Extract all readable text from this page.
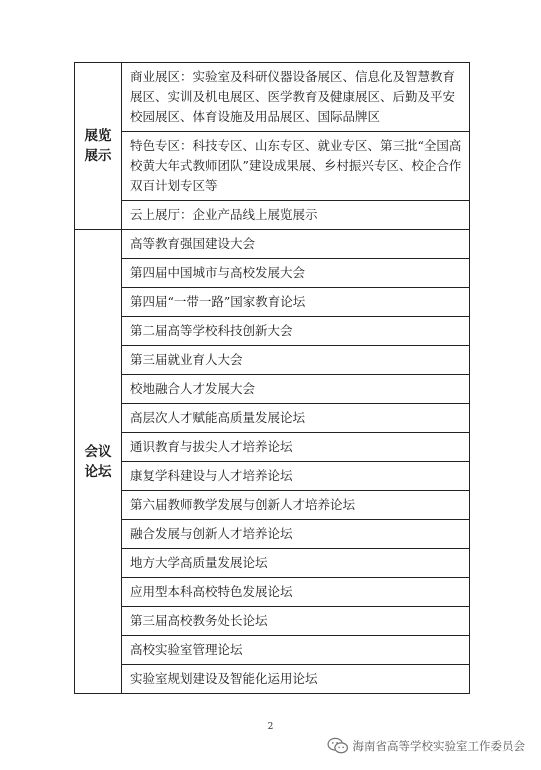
展览
展示	商业展区：实验室及科研仪器设备展区、信息化及智慧教育展区、实训及机电展区、医学教育及健康展区、后勤及平安校园展区、体育设施及用品展区、国际品牌区
	特色专区：科技专区、山东专区、就业专区、第三批“全国高校黄大年式教师团队”建设成果展、乡村振兴专区、校企合作双百计划专区等
	云上展厅：企业产品线上展览展示
会议
论坛	高等教育强国建设大会
	第四届中国城市与高校发展大会
	第四届“一带一路”国家教育论坛
	第二届高等学校科技创新大会
	第三届就业育人大会
	校地融合人才发展大会
	高层次人才赋能高质量发展论坛
	通识教育与拔尖人才培养论坛
	康复学科建设与人才培养论坛
	第六届教师教学发展与创新人才培养论坛
	融合发展与创新人才培养论坛
	地方大学高质量发展论坛
	应用型本科高校特色发展论坛
	第三届高校教务处长论坛
	高校实验室管理论坛
	实验室规划建设及智能化运用论坛
2
海南省高等学校实验室工作委员会
